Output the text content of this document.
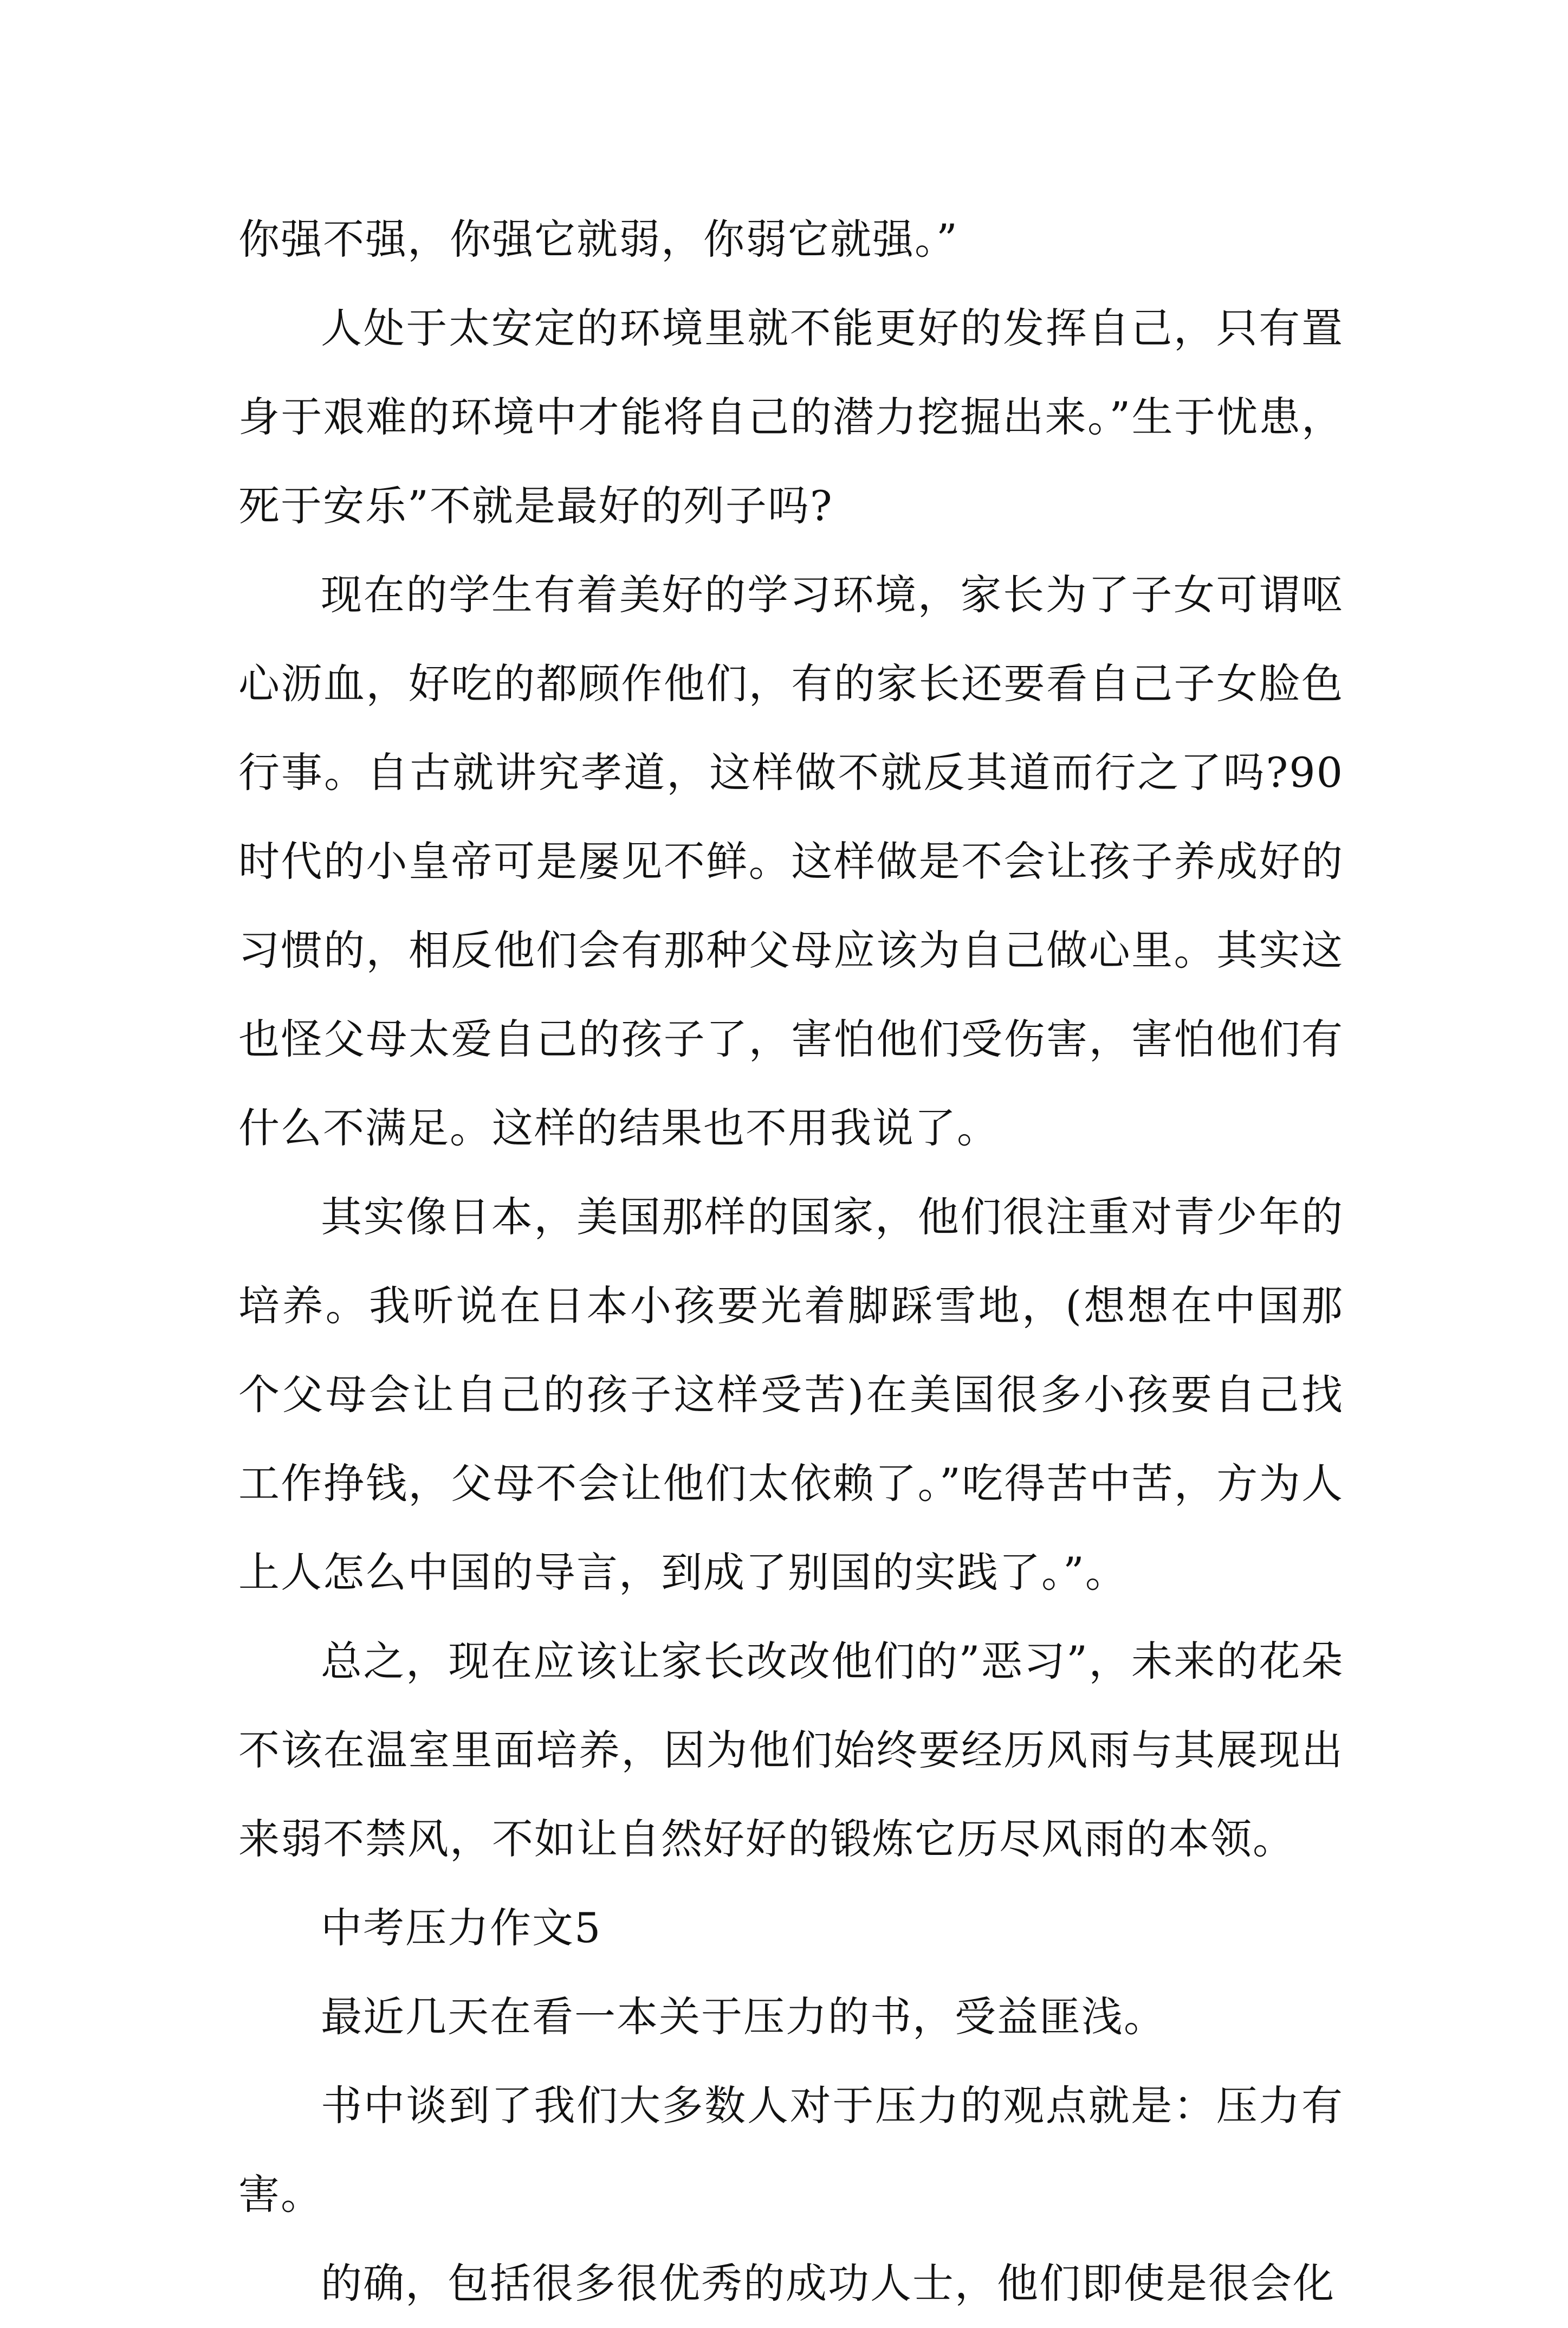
你强不强，你强它就弱，你弱它就强。”

人处于太安定的环境里就不能更好的发挥自己，只有置身于艰难的环境中才能将自己的潜力挖掘出来。”生于忧患，死于安乐”不就是最好的列子吗?

现在的学生有着美好的学习环境，家长为了子女可谓呕心沥血，好吃的都顾作他们，有的家长还要看自己子女脸色行事。自古就讲究孝道，这样做不就反其道而行之了吗?90时代的小皇帝可是屡见不鲜。这样做是不会让孩子养成好的习惯的，相反他们会有那种父母应该为自己做心里。其实这也怪父母太爱自己的孩子了，害怕他们受伤害，害怕他们有什么不满足。这样的结果也不用我说了。

其实像日本，美国那样的国家，他们很注重对青少年的培养。我听说在日本小孩要光着脚踩雪地，(想想在中国那个父母会让自己的孩子这样受苦)在美国很多小孩要自己找工作挣钱，父母不会让他们太依赖了。”吃得苦中苦，方为人上人怎么中国的导言，到成了别国的实践了。”。

总之，现在应该让家长改改他们的”恶习”，未来的花朵不该在温室里面培养，因为他们始终要经历风雨与其展现出来弱不禁风，不如让自然好好的锻炼它历尽风雨的本领。

中考压力作文5

最近几天在看一本关于压力的书，受益匪浅。

书中谈到了我们大多数人对于压力的观点就是：压力有害。

的确，包括很多很优秀的成功人士，他们即使是很会化
